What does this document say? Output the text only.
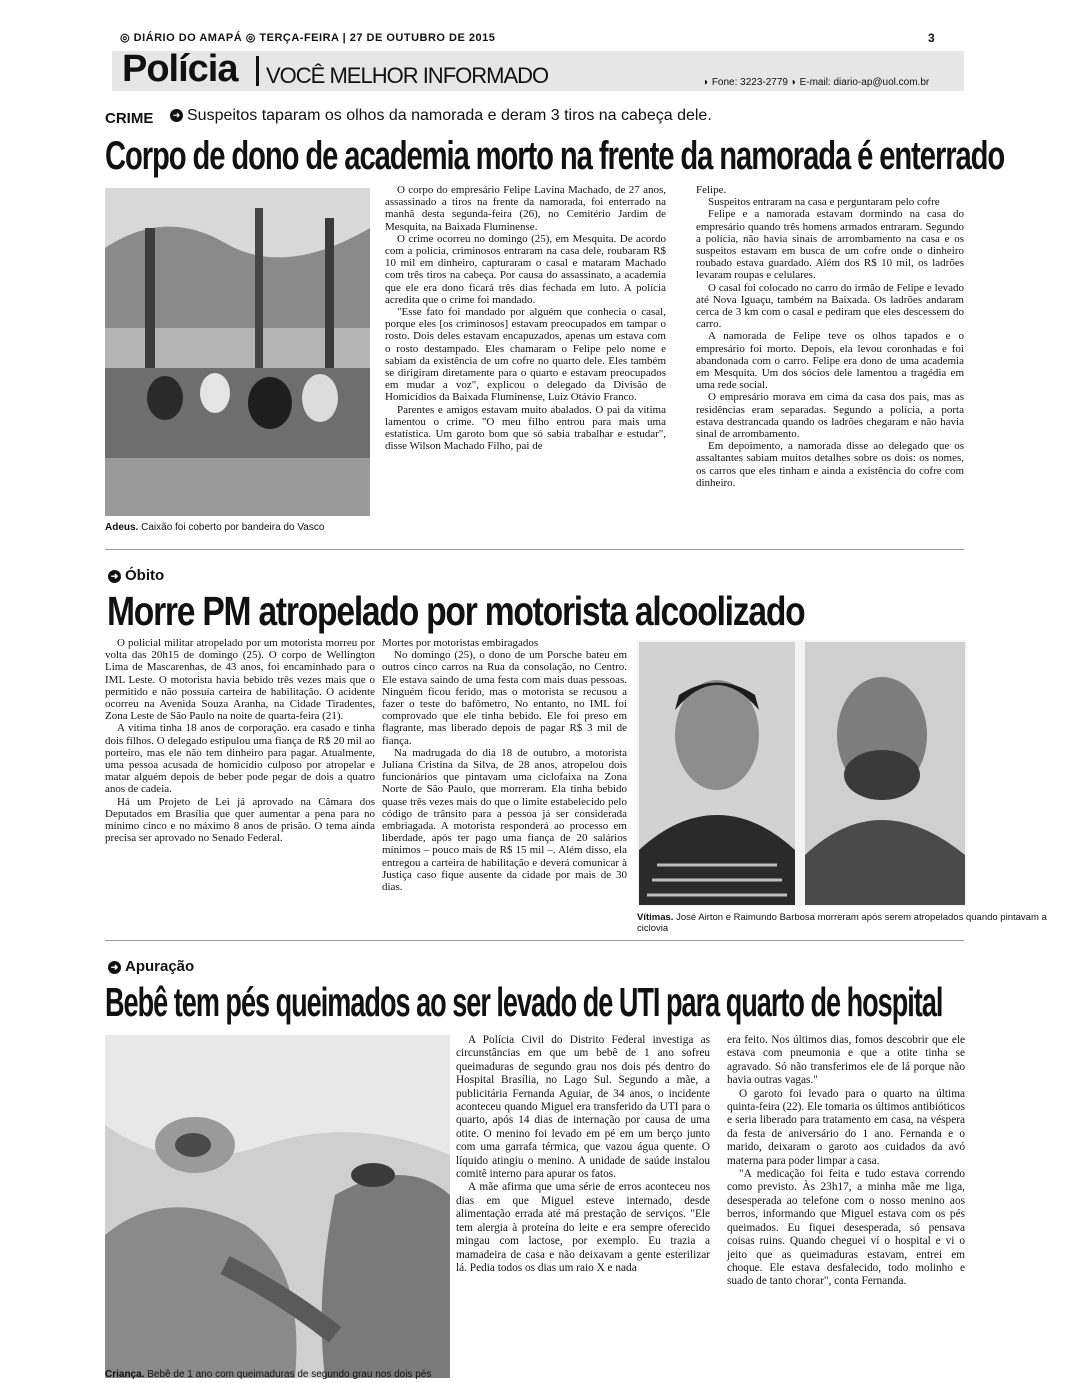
◎ DIÁRIO DO AMAPÁ ◎ TERÇA-FEIRA | 27 DE OUTUBRO DE 2015	3
Polícia VOCÊ MELHOR INFORMADO	◗ Fone: 3223-2779 ◗ E-mail: diario-ap@uol.com.br
CRIME	➜ Suspeitos taparam os olhos da namorada e deram 3 tiros na cabeça dele.
Corpo de dono de academia morto na frente da namorada é enterrado
Adeus. Caixão foi coberto por bandeira do Vasco

O corpo do empresário Felipe Lavina Machado, de 27 anos, assassinado a tiros na frente da namorada, foi enterrado na manhã desta segunda-feira (26), no Cemitério Jardim de Mesquita, na Baixada Fluminense.

O crime ocorreu no domingo (25), em Mesquita. De acordo com a polícia, criminosos entraram na casa dele, roubaram R$ 10 mil em dinheiro, capturaram o casal e mataram Machado com três tiros na cabeça. Por causa do assassinato, a academia que ele era dono ficará três dias fechada em luto. A polícia acredita que o crime foi mandado.

"Esse fato foi mandado por alguém que conhecia o casal, porque eles [os criminosos] estavam preocupados em tampar o rosto. Dois deles estavam encapuzados, apenas um estava com o rosto destampado. Eles chamaram o Felipe pelo nome e sabiam da existência de um cofre no quarto dele. Eles também se dirigiram diretamente para o quarto e estavam preocupados em mudar a voz", explicou o delegado da Divisão de Homicídios da Baixada Fluminense, Luiz Otávio Franco.

Parentes e amigos estavam muito abalados. O pai da vítima lamentou o crime. "O meu filho entrou para mais uma estatística. Um garoto bom que só sabia trabalhar e estudar", disse Wilson Machado Filho, pai de

Felipe.

Suspeitos entraram na casa e perguntaram pelo cofre

Felipe e a namorada estavam dormindo na casa do empresário quando três homens armados entraram. Segundo a polícia, não havia sinais de arrombamento na casa e os suspeitos estavam em busca de um cofre onde o dinheiro roubado estava guardado. Além dos R$ 10 mil, os ladrões levaram roupas e celulares.

O casal foi colocado no carro do irmão de Felipe e levado até Nova Iguaçu, também na Baixada. Os ladrões andaram cerca de 3 km com o casal e pediram que eles descessem do carro.

A namorada de Felipe teve os olhos tapados e o empresário foi morto. Depois, ela levou coronhadas e foi abandonada com o carro. Felipe era dono de uma academia em Mesquita. Um dos sócios dele lamentou a tragédia em uma rede social.

O empresário morava em cima da casa dos pais, mas as residências eram separadas. Segundo a polícia, a porta estava destrancada quando os ladrões chegaram e não havia sinal de arrombamento.

Em depoimento, a namorada disse ao delegado que os assaltantes sabiam muitos detalhes sobre os dois: os nomes, os carros que eles tinham e ainda a existência do cofre com dinheiro.

➜ Óbito
Morre PM atropelado por motorista alcoolizado

O policial militar atropelado por um motorista morreu por volta das 20h15 de domingo (25). O corpo de Wellington Lima de Mascarenhas, de 43 anos, foi encaminhado para o IML Leste. O motorista havia bebido três vezes mais que o permitido e não possuía carteira de habilitação. O acidente ocorreu na Avenida Souza Aranha, na Cidade Tiradentes, Zona Leste de São Paulo na noite de quarta-feira (21).

A vítima tinha 18 anos de corporação. era casado e tinha dois filhos. O delegado estipulou uma fiança de R$ 20 mil ao porteiro, mas ele não tem dinheiro para pagar. Atualmente, uma pessoa acusada de homicídio culposo por atropelar e matar alguém depois de beber pode pegar de dois a quatro anos de cadeia.

Há um Projeto de Lei já aprovado na Câmara dos Deputados em Brasília que quer aumentar a pena para no mínimo cinco e no máximo 8 anos de prisão. O tema ainda precisa ser aprovado no Senado Federal.

Mortes por motoristas embiragados

No domingo (25), o dono de um Porsche bateu em outros cinco carros na Rua da consolação, no Centro. Ele estava saindo de uma festa com mais duas pessoas. Ninguém ficou ferido, mas o motorista se recusou a fazer o teste do bafômetro, No entanto, no IML foi comprovado que ele tinha bebido. Ele foi preso em flagrante, mas liberado depois de pagar R$ 3 mil de fiança.

Na madrugada do dia 18 de outubro, a motorista Juliana Cristina da Silva, de 28 anos, atropelou dois funcionários que pintavam uma ciclofaixa na Zona Norte de São Paulo, que morreram. Ela tinha bebido quase três vezes mais do que o limite estabelecido pelo código de trânsito para a pessoa já ser considerada embriagada. A motorista responderá ao processo em liberdade, após ter pago uma fiança de 20 salários mínimos – pouco mais de R$ 15 mil –. Além disso, ela entregou a carteira de habilitação e deverá comunicar à Justiça caso fique ausente da cidade por mais de 30 dias.

Vítimas. José Airton e Raimundo Barbosa morreram após serem atropelados quando pintavam a ciclovia
➜ Apuração
Bebê tem pés queimados ao ser levado de UTI para quarto de hospital
Criança. Bebê de 1 ano com queimaduras de segundo grau nos dois pés

A Polícia Civil do Distrito Federal investiga as circunstâncias em que um bebê de 1 ano sofreu queimaduras de segundo grau nos dois pés dentro do Hospital Brasília, no Lago Sul. Segundo a mãe, a publicitária Fernanda Aguiar, de 34 anos, o incidente aconteceu quando Miguel era transferido da UTI para o quarto, após 14 dias de internação por causa de uma otite. O menino foi levado em pé em um berço junto com uma garrafa térmica, que vazou água quente. O líquido atingiu o menino. A unidade de saúde instalou comitê interno para apurar os fatos.

A mãe afirma que uma série de erros aconteceu nos dias em que Miguel esteve internado, desde alimentação errada até má prestação de serviços. "Ele tem alergia à proteína do leite e era sempre oferecido mingau com lactose, por exemplo. Eu trazia a mamadeira de casa e não deixavam a gente esterilizar lá. Pedia todos os dias um raio X e nada

era feito. Nos últimos dias, fomos descobrir que ele estava com pneumonia e que a otite tinha se agravado. Só não transferimos ele de lá porque não havia outras vagas."

O garoto foi levado para o quarto na última quinta-feira (22). Ele tomaria os últimos antibióticos e seria liberado para tratamento em casa, na véspera da festa de aniversário do 1 ano. Fernanda e o marido, deixaram o garoto aos cuidados da avó materna para poder limpar a casa.

"A medicação foi feita e tudo estava correndo como previsto. Às 23h17, a minha mãe me liga, desesperada ao telefone com o nosso menino aos berros, informando que Miguel estava com os pés queimados. Eu fiquei desesperada, só pensava coisas ruins. Quando cheguei ví o hospital e vi o jeito que as queimaduras estavam, entrei em choque. Ele estava desfalecido, todo molinho e suado de tanto chorar", conta Fernanda.
